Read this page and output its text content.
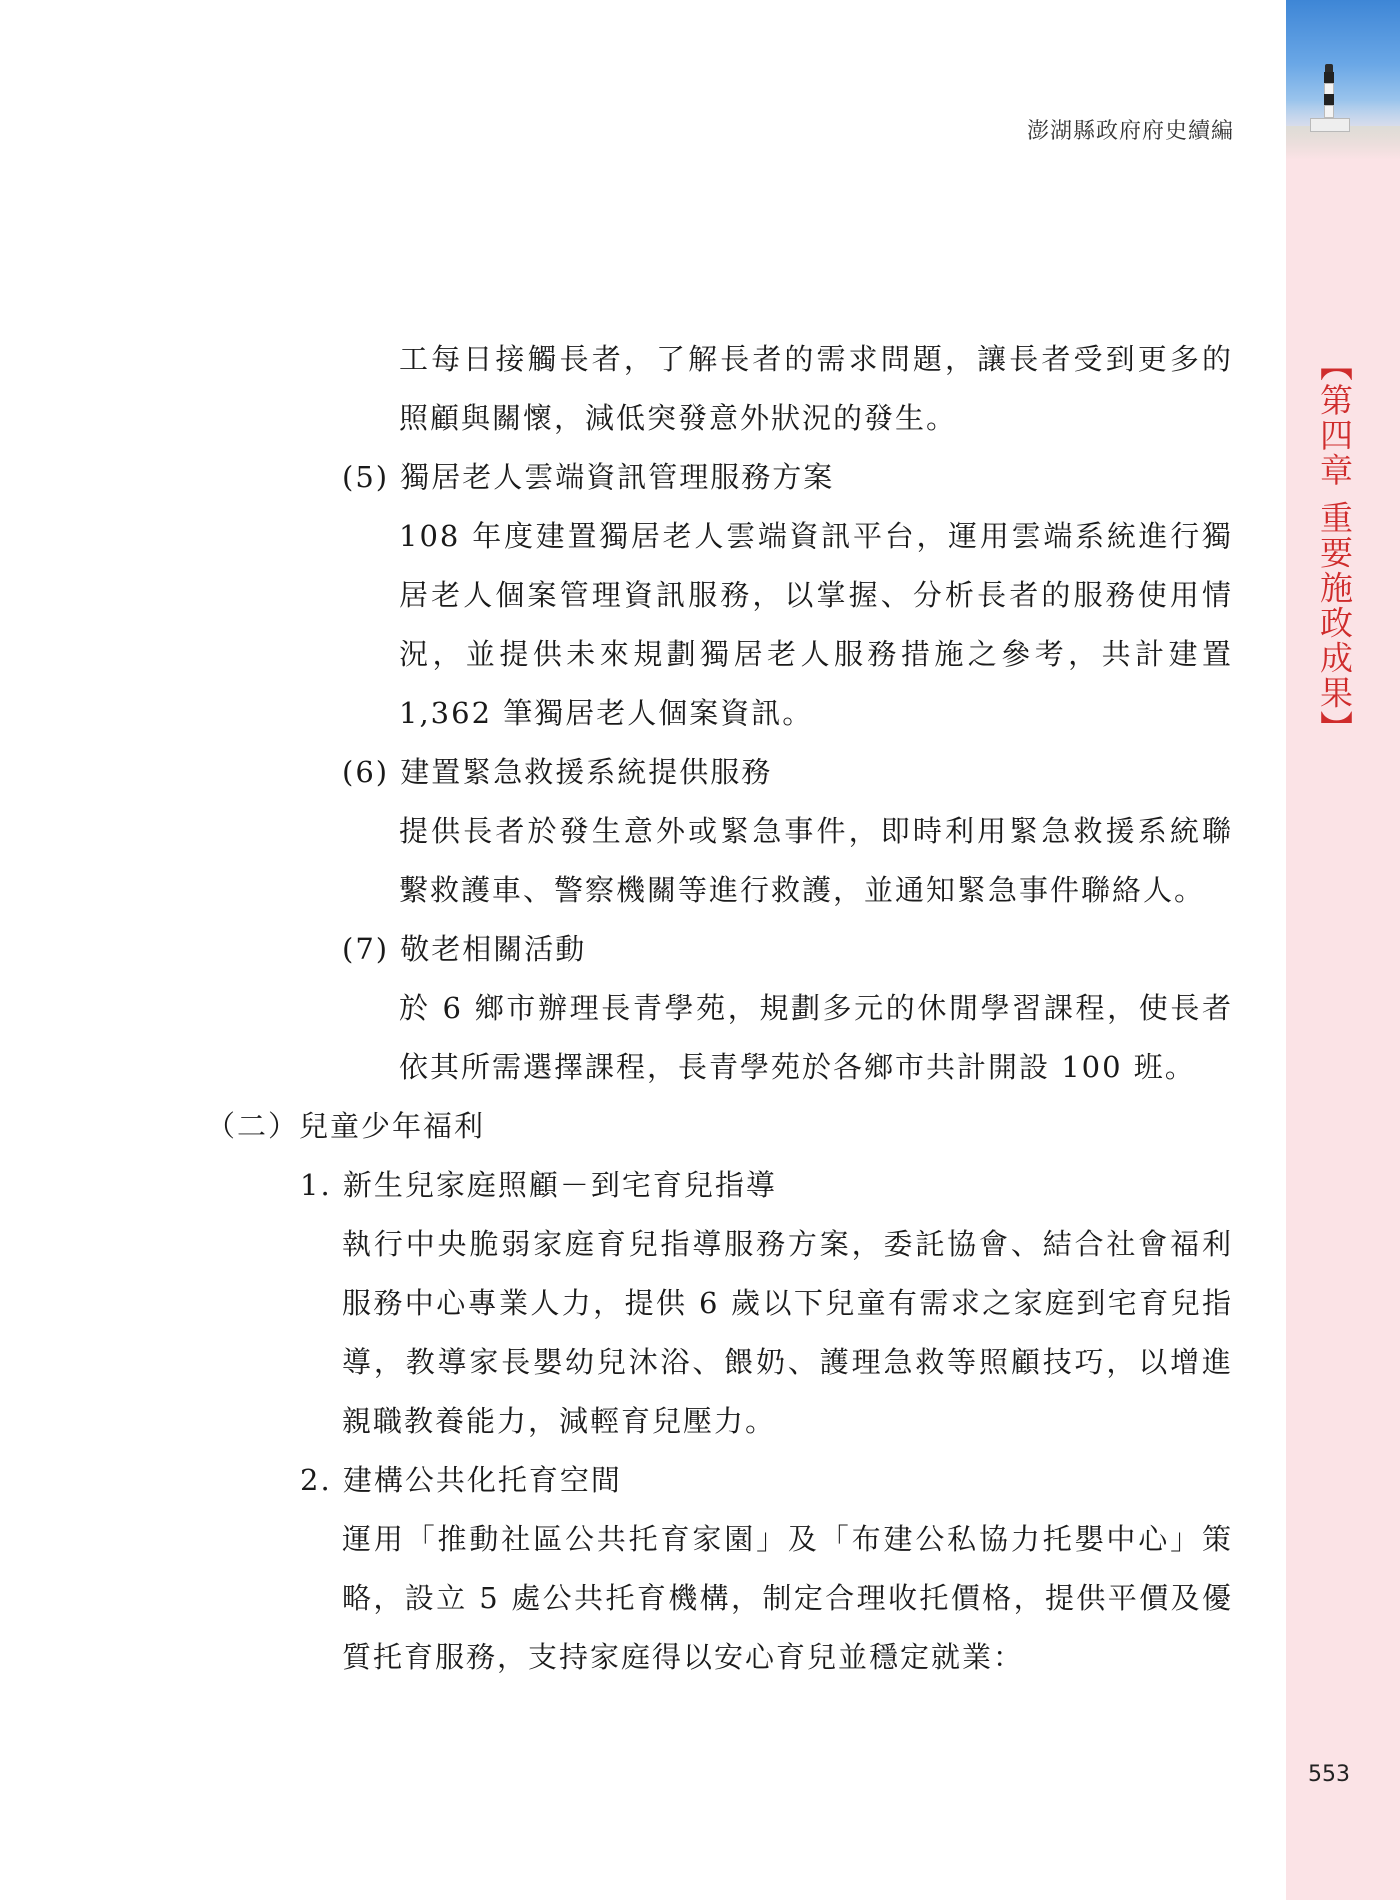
澎湖縣政府府史續編
【第四章 重要施政成果】
工每日接觸長者，了解長者的需求問題，讓長者受到更多的
照顧與關懷，減低突發意外狀況的發生。
(5) 獨居老人雲端資訊管理服務方案
108 年度建置獨居老人雲端資訊平台，運用雲端系統進行獨
居老人個案管理資訊服務，以掌握、分析長者的服務使用情
況，並提供未來規劃獨居老人服務措施之參考，共計建置
1,362 筆獨居老人個案資訊。
(6) 建置緊急救援系統提供服務
提供長者於發生意外或緊急事件，即時利用緊急救援系統聯
繫救護車、警察機關等進行救護，並通知緊急事件聯絡人。
(7) 敬老相關活動
於 6 鄉市辦理長青學苑，規劃多元的休閒學習課程，使長者
依其所需選擇課程，長青學苑於各鄉市共計開設 100 班。
（二）兒童少年福利
1. 新生兒家庭照顧－到宅育兒指導
執行中央脆弱家庭育兒指導服務方案，委託協會、結合社會福利
服務中心專業人力，提供 6 歲以下兒童有需求之家庭到宅育兒指
導，教導家長嬰幼兒沐浴、餵奶、護理急救等照顧技巧，以增進
親職教養能力，減輕育兒壓力。
2. 建構公共化托育空間
運用「推動社區公共托育家園」及「布建公私協力托嬰中心」策
略，設立 5 處公共托育機構，制定合理收托價格，提供平價及優
質托育服務，支持家庭得以安心育兒並穩定就業：
553
